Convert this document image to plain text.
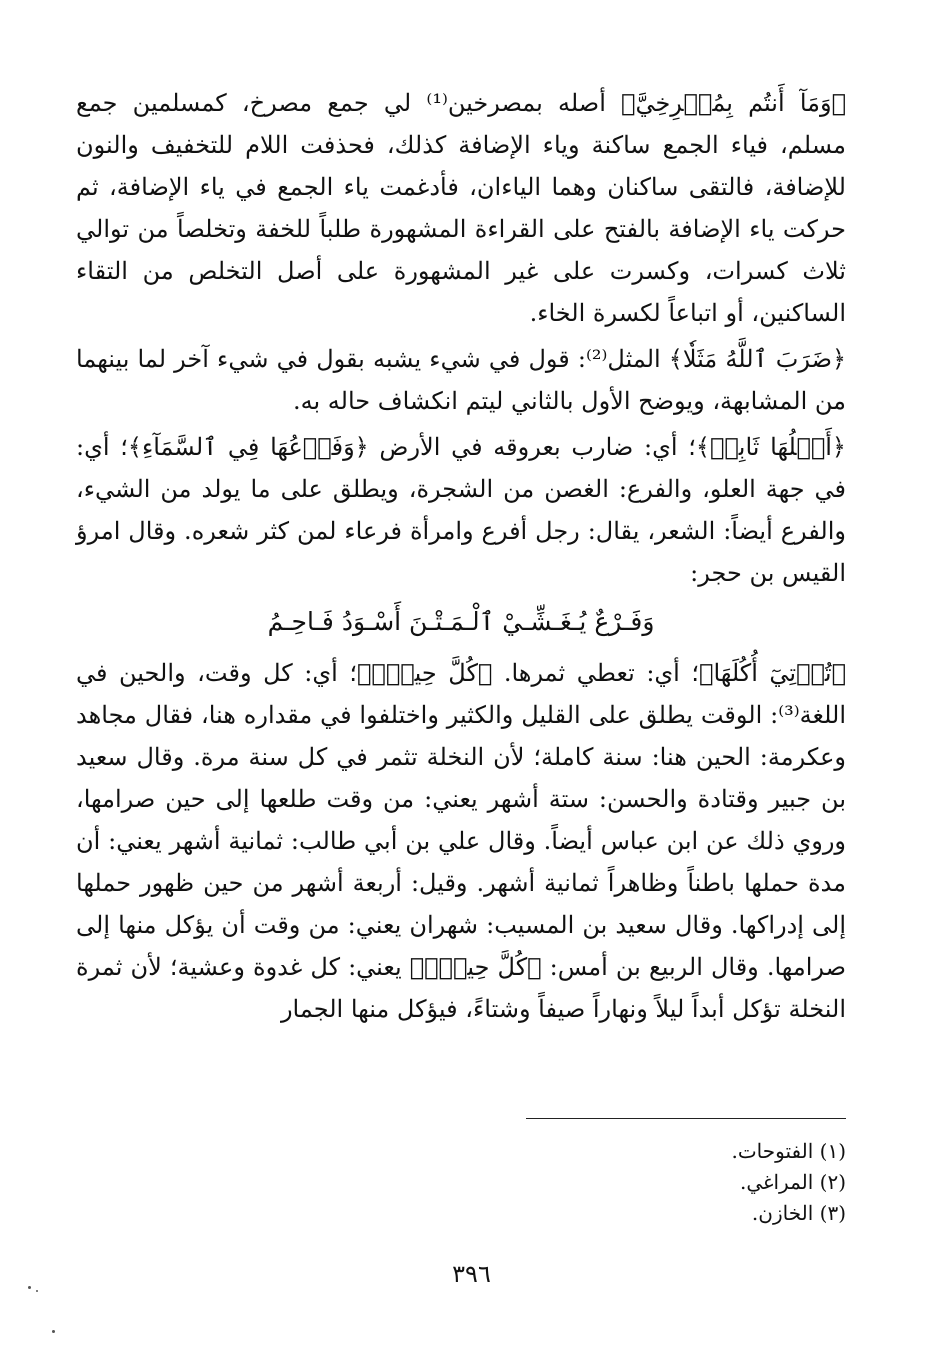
﴿وَمَآ أَنتُم بِمُصۡرِخِيَّ﴾ أصله بمصرخين⁽¹⁾ لي جمع مصرخ، كمسلمين جمع مسلم، فياء الجمع ساكنة وياء الإضافة كذلك، فحذفت اللام للتخفيف والنون للإضافة، فالتقى ساكنان وهما الياءان، فأدغمت ياء الجمع في ياء الإضافة، ثم حركت ياء الإضافة بالفتح على القراءة المشهورة طلباً للخفة وتخلصاً من توالي ثلاث كسرات، وكسرت على غير المشهورة على أصل التخلص من التقاء الساكنين، أو اتباعاً لكسرة الخاء.

﴿ضَرَبَ ٱللَّهُ مَثَلٗا﴾ المثل⁽²⁾: قول في شيء يشبه بقول في شيء آخر لما بينهما من المشابهة، ويوضح الأول بالثاني ليتم انكشاف حاله به.

﴿أَصۡلُهَا ثَابِتٞ﴾؛ أي: ضارب بعروقه في الأرض ﴿وَفَرۡعُهَا فِي ٱلسَّمَآءِ﴾؛ أي: في جهة العلو، والفرع: الغصن من الشجرة، ويطلق على ما يولد من الشيء، والفرع أيضاً: الشعر، يقال: رجل أفرع وامرأة فرعاء لمن كثر شعره. وقال امرؤ القيس بن حجر:

وَفَـرْعٌ يُـغَـشِّـيْ ٱلْـمَـتْـنَ أَسْـوَدُ فَـاحِـمُ

﴿تُؤۡتِيٓ أُكُلَهَا﴾؛ أي: تعطي ثمرها. ﴿كُلَّ حِينِۭ﴾؛ أي: كل وقت، والحين في اللغة⁽³⁾: الوقت يطلق على القليل والكثير واختلفوا في مقداره هنا، فقال مجاهد وعكرمة: الحين هنا: سنة كاملة؛ لأن النخلة تثمر في كل سنة مرة. وقال سعيد بن جبير وقتادة والحسن: ستة أشهر يعني: من وقت طلعها إلى حين صرامها، وروي ذلك عن ابن عباس أيضاً. وقال علي بن أبي طالب: ثمانية أشهر يعني: أن مدة حملها باطناً وظاهراً ثمانية أشهر. وقيل: أربعة أشهر من حين ظهور حملها إلى إدراكها. وقال سعيد بن المسيب: شهران يعني: من وقت أن يؤكل منها إلى صرامها. وقال الربيع بن أمس: ﴿كُلَّ حِينِۭ﴾ يعني: كل غدوة وعشية؛ لأن ثمرة النخلة تؤكل أبداً ليلاً ونهاراً صيفاً وشتاءً، فيؤكل منها الجمار

(١) الفتوحات.
(٢) المراغي.
(٣) الخازن.
٣٩٦
